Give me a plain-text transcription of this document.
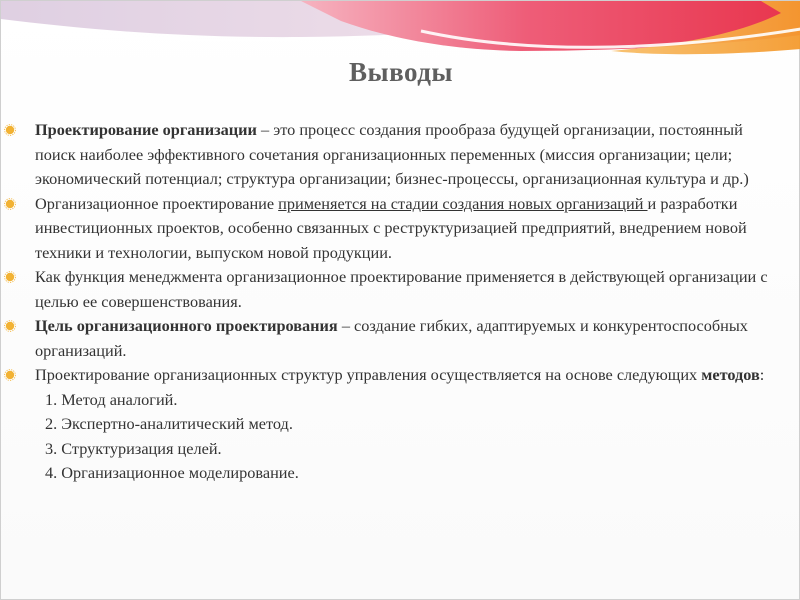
Выводы

Проектирование организации – это процесс создания прообраза будущей организации, постоянный поиск наиболее эффективного сочетания организационных переменных (миссия организации; цели; экономический потенциал; структура организации; бизнес-процессы, организационная культура и др.)

Организационное проектирование применяется на стадии создания новых организаций и разработки инвестиционных проектов, особенно связанных с реструктуризацией предприятий, внедрением новой техники и технологии, выпуском новой продукции.

Как функция менеджмента организационное проектирование применяется в действующей организации с целью ее совершенствования.

Цель организационного проектирования – создание гибких, адаптируемых и конкурентоспособных организаций.

Проектирование организационных структур управления осуществляется на основе следующих методов:

1. Метод аналогий.
2. Экспертно-аналитический метод.
3. Структуризация целей.
4. Организационное моделирование.
